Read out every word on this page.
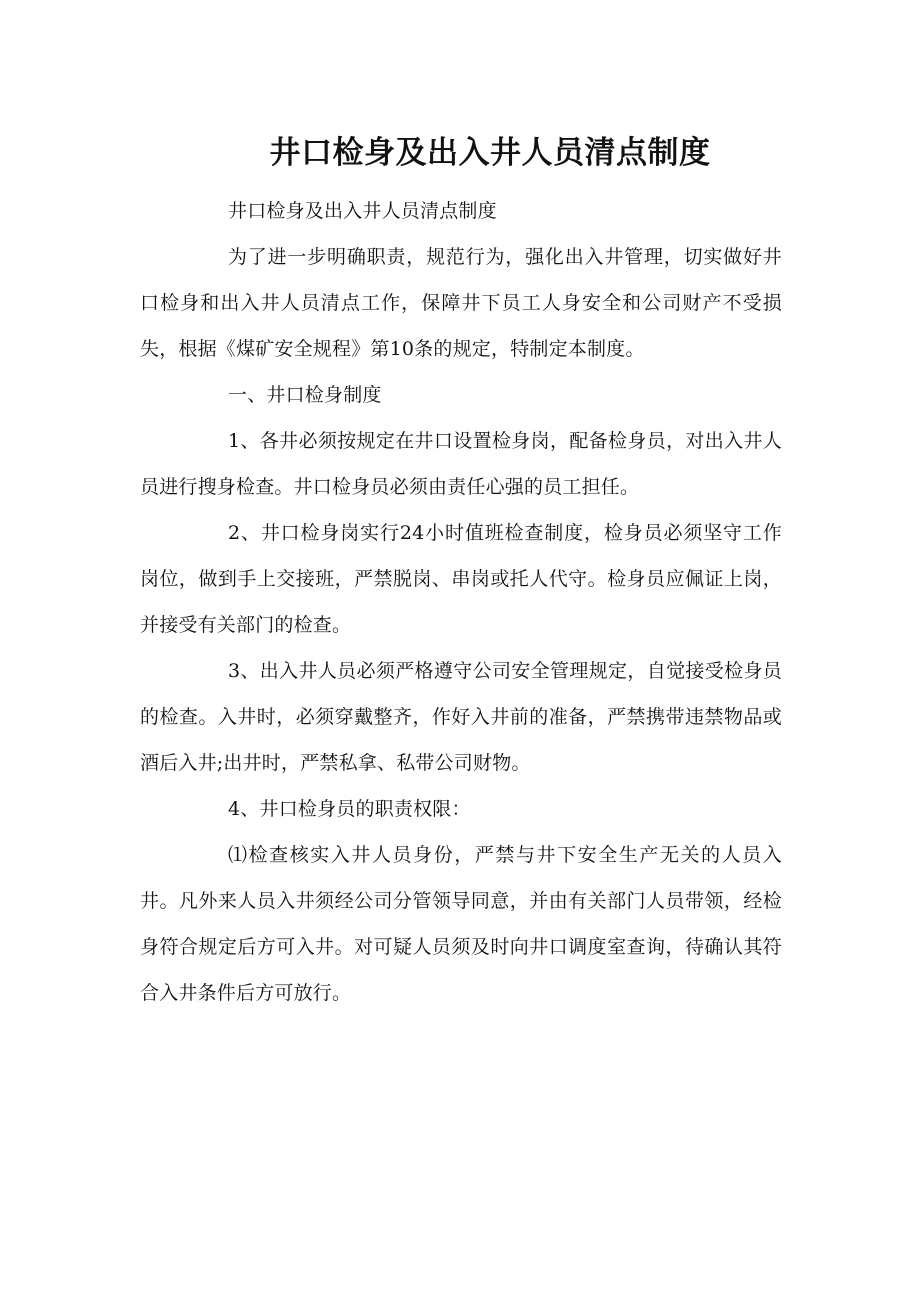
井口检身及出入井人员清点制度

井口检身及出入井人员清点制度

为了进一步明确职责，规范行为，强化出入井管理，切实做好井口检身和出入井人员清点工作，保障井下员工人身安全和公司财产不受损失，根据《煤矿安全规程》第10条的规定，特制定本制度。

一、井口检身制度

1、各井必须按规定在井口设置检身岗，配备检身员，对出入井人员进行搜身检查。井口检身员必须由责任心强的员工担任。

2、井口检身岗实行24小时值班检查制度，检身员必须坚守工作岗位，做到手上交接班，严禁脱岗、串岗或托人代守。检身员应佩证上岗，并接受有关部门的检查。

3、出入井人员必须严格遵守公司安全管理规定，自觉接受检身员的检查。入井时，必须穿戴整齐，作好入井前的准备，严禁携带违禁物品或酒后入井;出井时，严禁私拿、私带公司财物。

4、井口检身员的职责权限：

⑴检查核实入井人员身份，严禁与井下安全生产无关的人员入井。凡外来人员入井须经公司分管领导同意，并由有关部门人员带领，经检身符合规定后方可入井。对可疑人员须及时向井口调度室查询，待确认其符合入井条件后方可放行。
